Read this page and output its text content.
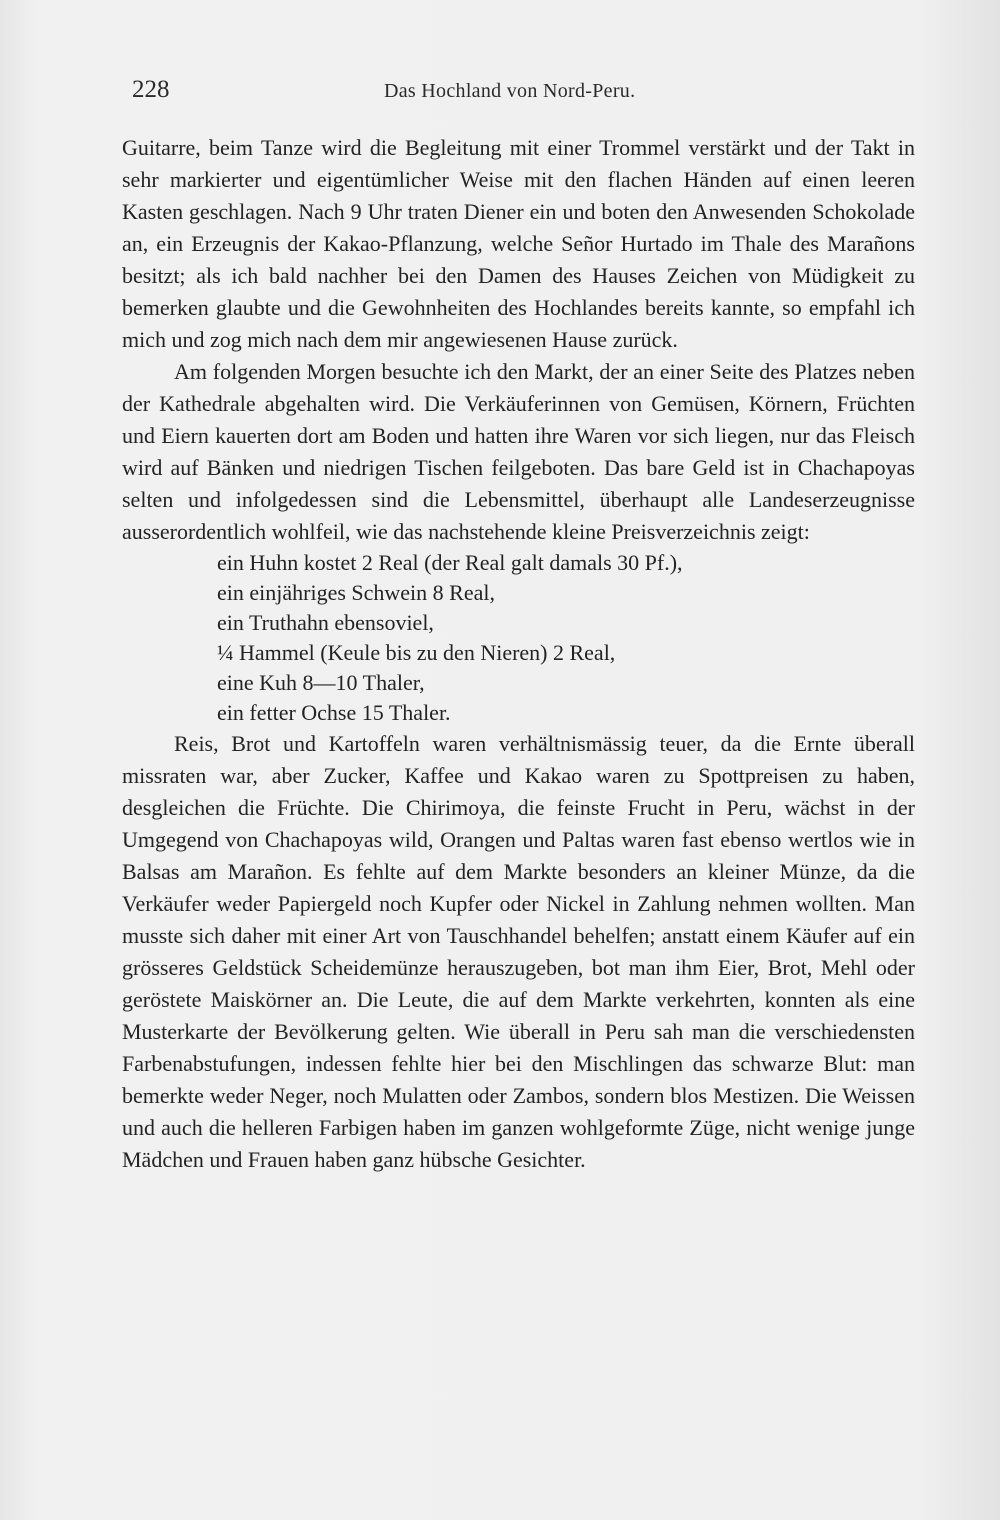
228	Das Hochland von Nord-Peru.

Guitarre, beim Tanze wird die Begleitung mit einer Trommel verstärkt und der Takt in sehr markierter und eigentümlicher Weise mit den flachen Händen auf einen leeren Kasten geschlagen. Nach 9 Uhr traten Diener ein und boten den Anwesenden Schokolade an, ein Erzeugnis der Kakao-Pflanzung, welche Señor Hurtado im Thale des Marañons besitzt; als ich bald nachher bei den Damen des Hauses Zeichen von Müdigkeit zu bemerken glaubte und die Gewohnheiten des Hochlandes bereits kannte, so empfahl ich mich und zog mich nach dem mir angewiesenen Hause zurück.

Am folgenden Morgen besuchte ich den Markt, der an einer Seite des Platzes neben der Kathedrale abgehalten wird. Die Verkäuferinnen von Gemüsen, Körnern, Früchten und Eiern kauerten dort am Boden und hatten ihre Waren vor sich liegen, nur das Fleisch wird auf Bänken und niedrigen Tischen feilgeboten. Das bare Geld ist in Chachapoyas selten und infolgedessen sind die Lebensmittel, überhaupt alle Landeserzeugnisse ausserordentlich wohlfeil, wie das nachstehende kleine Preisverzeichnis zeigt:

ein Huhn kostet 2 Real (der Real galt damals 30 Pf.),
ein einjähriges Schwein 8 Real,
ein Truthahn ebensoviel,
¼ Hammel (Keule bis zu den Nieren) 2 Real,
eine Kuh 8—10 Thaler,
ein fetter Ochse 15 Thaler.

Reis, Brot und Kartoffeln waren verhältnismässig teuer, da die Ernte überall missraten war, aber Zucker, Kaffee und Kakao waren zu Spottpreisen zu haben, desgleichen die Früchte. Die Chirimoya, die feinste Frucht in Peru, wächst in der Umgegend von Chachapoyas wild, Orangen und Paltas waren fast ebenso wertlos wie in Balsas am Marañon. Es fehlte auf dem Markte besonders an kleiner Münze, da die Verkäufer weder Papiergeld noch Kupfer oder Nickel in Zahlung nehmen wollten. Man musste sich daher mit einer Art von Tauschhandel behelfen; anstatt einem Käufer auf ein grösseres Geldstück Scheidemünze herauszugeben, bot man ihm Eier, Brot, Mehl oder geröstete Maiskörner an. Die Leute, die auf dem Markte verkehrten, konnten als eine Musterkarte der Bevölkerung gelten. Wie überall in Peru sah man die verschiedensten Farbenabstufungen, indessen fehlte hier bei den Mischlingen das schwarze Blut: man bemerkte weder Neger, noch Mulatten oder Zambos, sondern blos Mestizen. Die Weissen und auch die helleren Farbigen haben im ganzen wohlgeformte Züge, nicht wenige junge Mädchen und Frauen haben ganz hübsche Gesichter.
